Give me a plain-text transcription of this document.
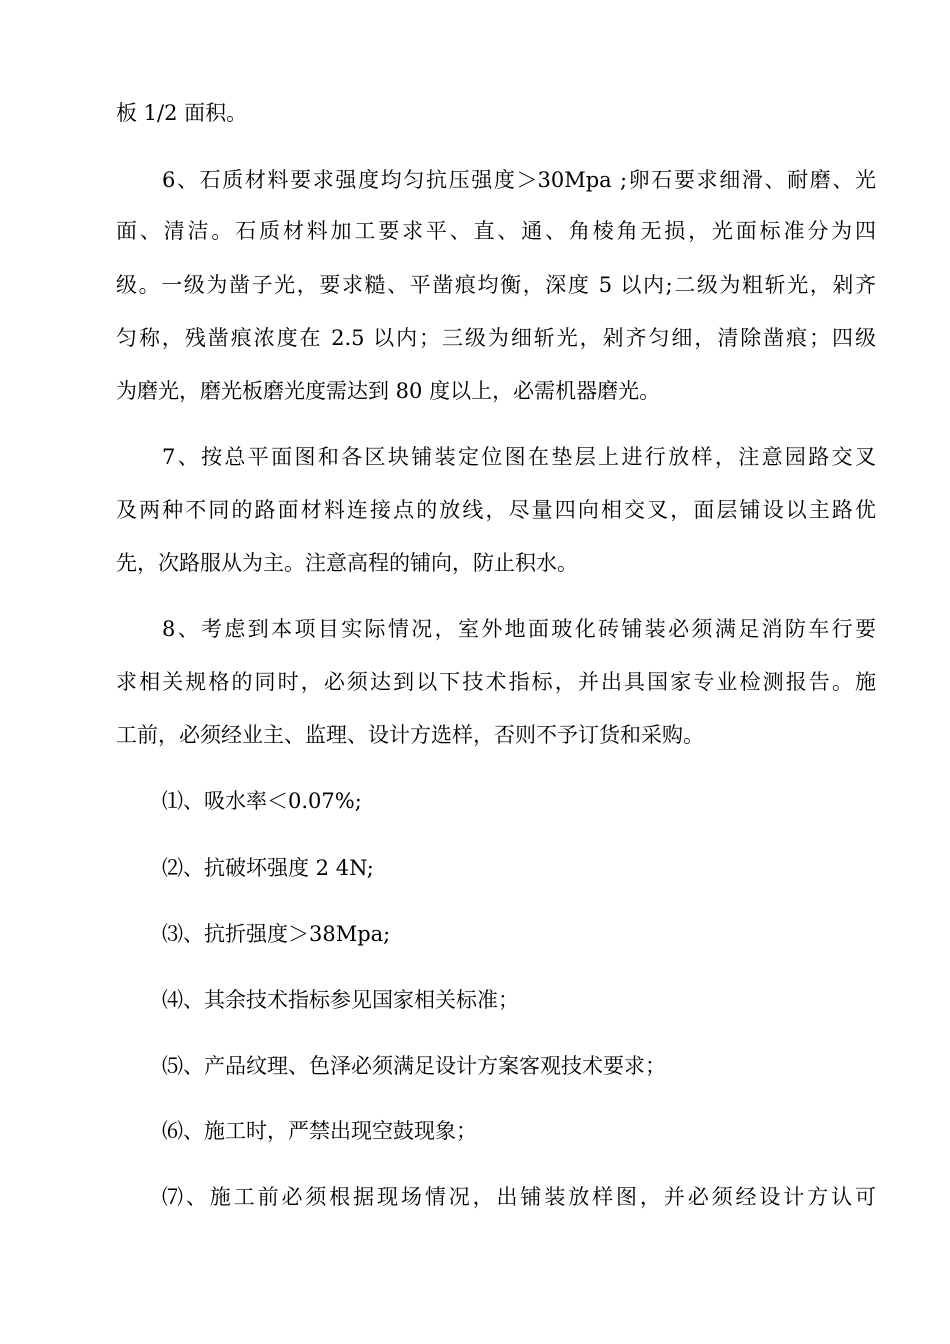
板 1/2 面积。
6、石质材料要求强度均匀抗压强度＞30Mpa ;卵石要求细滑、耐磨、光
面、清洁。石质材料加工要求平、直、通、角棱角无损，光面标准分为四
级。一级为凿子光，要求糙、平凿痕均衡，深度 5 以内;二级为粗斩光，剁齐
匀称，残凿痕浓度在 2.5 以内；三级为细斩光，剁齐匀细，清除凿痕；四级
为磨光，磨光板磨光度需达到 80 度以上，必需机器磨光。
7、按总平面图和各区块铺装定位图在垫层上进行放样，注意园路交叉
及两种不同的路面材料连接点的放线，尽量四向相交叉，面层铺设以主路优
先，次路服从为主。注意高程的铺向，防止积水。
8、考虑到本项目实际情况，室外地面玻化砖铺装必须满足消防车行要
求相关规格的同时，必须达到以下技术指标，并出具国家专业检测报告。施
工前，必须经业主、监理、设计方选样，否则不予订货和采购。
⑴、吸水率＜0.07%;
⑵、抗破坏强度 2 4N;
⑶、抗折强度＞38Mpa;
⑷、其余技术指标参见国家相关标准；
⑸、产品纹理、色泽必须满足设计方案客观技术要求；
⑹、施工时，严禁出现空鼓现象；
⑺、施工前必须根据现场情况，出铺装放样图，并必须经设计方认可
